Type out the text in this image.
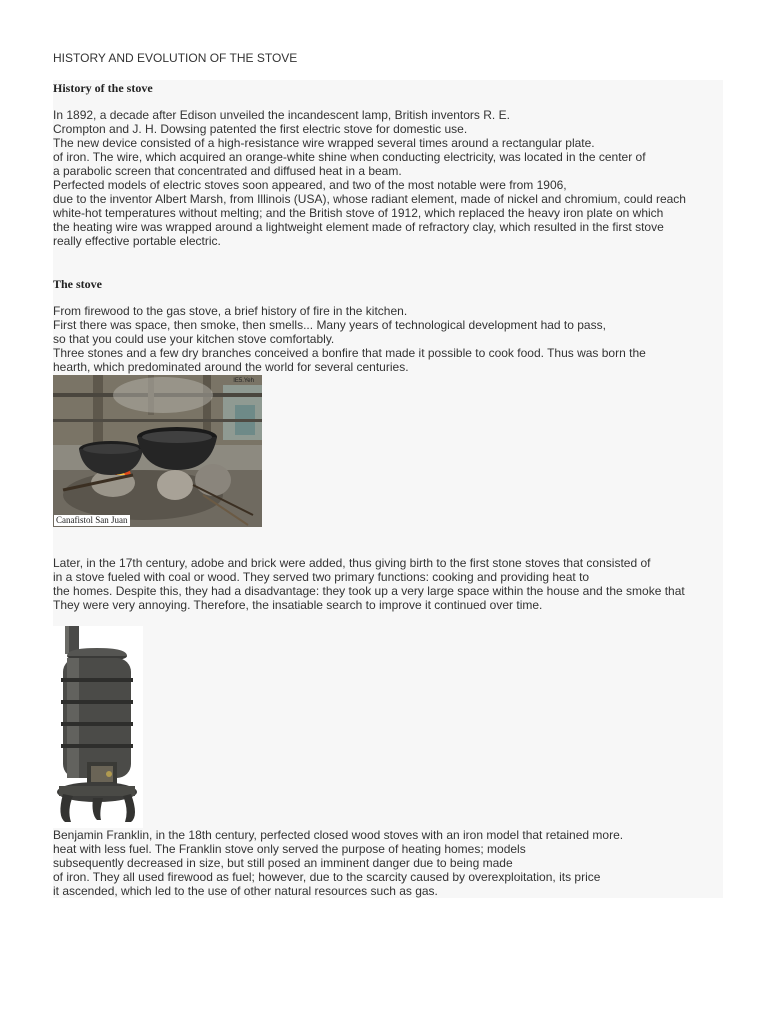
HISTORY AND EVOLUTION OF THE STOVE
History of the stove
In 1892, a decade after Edison unveiled the incandescent lamp, British inventors R. E.
Crompton and J. H. Dowsing patented the first electric stove for domestic use.
The new device consisted of a high-resistance wire wrapped several times around a rectangular plate.
of iron. The wire, which acquired an orange-white shine when conducting electricity, was located in the center of
a parabolic screen that concentrated and diffused heat in a beam.
Perfected models of electric stoves soon appeared, and two of the most notable were from 1906,
due to the inventor Albert Marsh, from Illinois (USA), whose radiant element, made of nickel and chromium, could reach
white-hot temperatures without melting; and the British stove of 1912, which replaced the heavy iron plate on which
the heating wire was wrapped around a lightweight element made of refractory clay, which resulted in the first stove
really effective portable electric.
The stove
From firewood to the gas stove, a brief history of fire in the kitchen.
First there was space, then smoke, then smells... Many years of technological development had to pass,
so that you could use your kitchen stove comfortably.
Three stones and a few dry branches conceived a bonfire that made it possible to cook food. Thus was born the
hearth, which predominated around the world for several centuries.
IE5.Yeh
Canafistol San Juan
Later, in the 17th century, adobe and brick were added, thus giving birth to the first stone stoves that consisted of
in a stove fueled with coal or wood. They served two primary functions: cooking and providing heat to
the homes. Despite this, they had a disadvantage: they took up a very large space within the house and the smoke that
They were very annoying. Therefore, the insatiable search to improve it continued over time.
Benjamin Franklin, in the 18th century, perfected closed wood stoves with an iron model that retained more.
heat with less fuel. The Franklin stove only served the purpose of heating homes; models
subsequently decreased in size, but still posed an imminent danger due to being made
of iron. They all used firewood as fuel; however, due to the scarcity caused by overexploitation, its price
it ascended, which led to the use of other natural resources such as gas.
